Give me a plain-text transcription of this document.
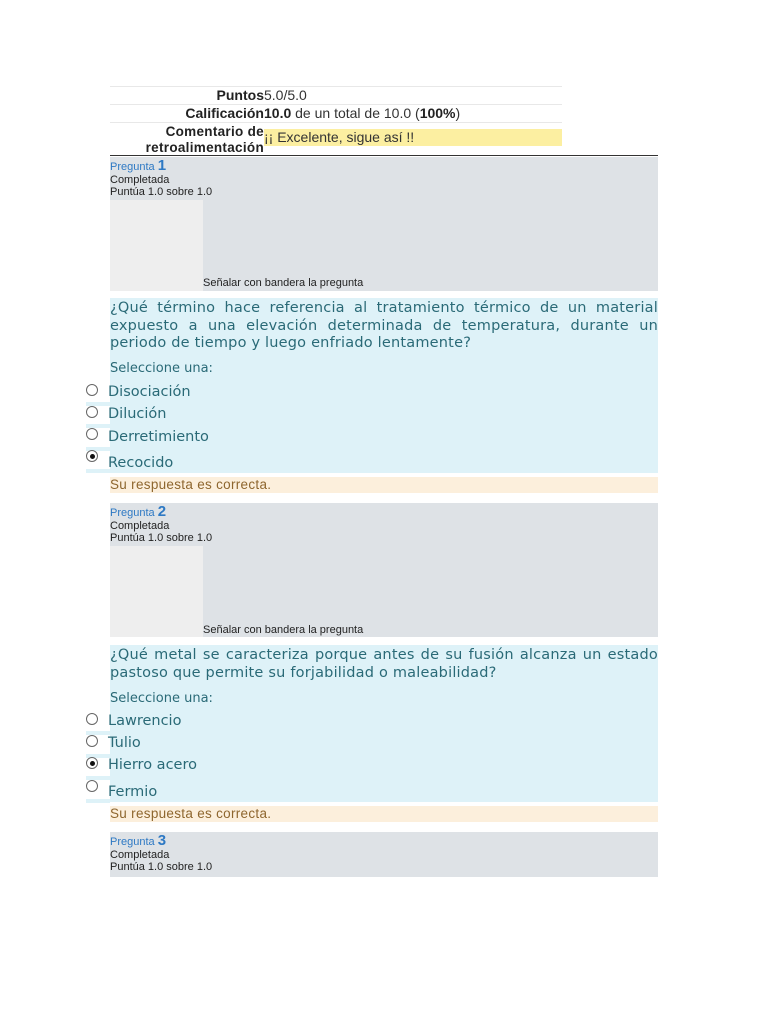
Puntos 5.0/5.0
Calificación 10.0 de un total de 10.0 (100%)
Comentario de
retroalimentación
¡¡ Excelente, sigue así !!
Pregunta 1
Completada
Puntúa 1.0 sobre 1.0
Señalar con bandera la pregunta
¿Qué término hace referencia al tratamiento térmico de un material expuesto a una elevación determinada de temperatura, durante un periodo de tiempo y luego enfriado lentamente?
Seleccione una:
Disociación
Dilución
Derretimiento
Recocido
Su respuesta es correcta.
Pregunta 2
Completada
Puntúa 1.0 sobre 1.0
Señalar con bandera la pregunta
¿Qué metal se caracteriza porque antes de su fusión alcanza un estado pastoso que permite su forjabilidad o maleabilidad?
Seleccione una:
Lawrencio
Tulio
Hierro acero
Fermio
Su respuesta es correcta.
Pregunta 3
Completada
Puntúa 1.0 sobre 1.0
